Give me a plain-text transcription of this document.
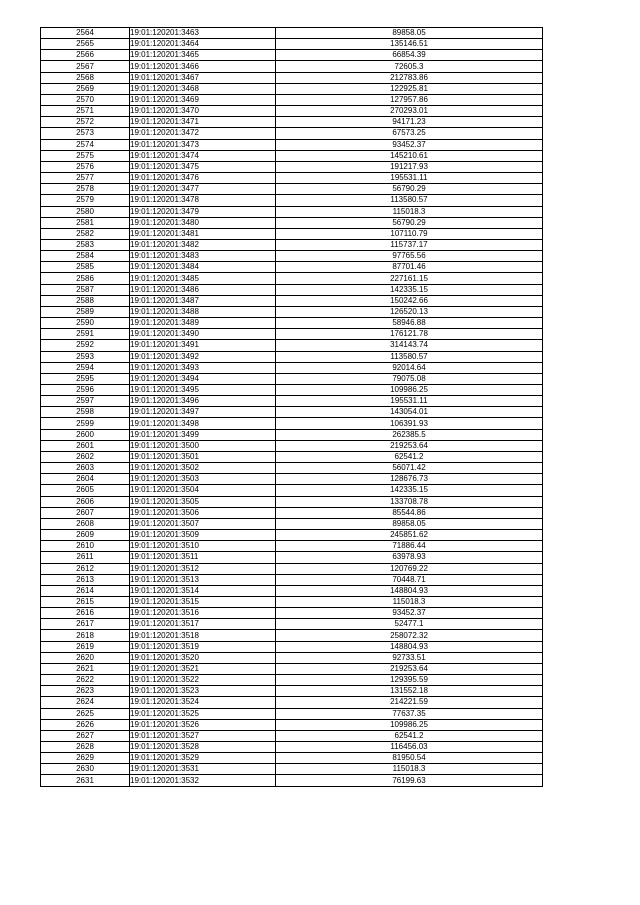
2564	19:01:120201:3463	89858.05
2565	19:01:120201:3464	135146.51
2566	19:01:120201:3465	66854.39
2567	19:01:120201:3466	72605.3
2568	19:01:120201:3467	212783.86
2569	19:01:120201:3468	122925.81
2570	19:01:120201:3469	127957.86
2571	19:01:120201:3470	270293.01
2572	19:01:120201:3471	94171.23
2573	19:01:120201:3472	67573.25
2574	19:01:120201:3473	93452.37
2575	19:01:120201:3474	145210.61
2576	19:01:120201:3475	191217.93
2577	19:01:120201:3476	195531.11
2578	19:01:120201:3477	56790.29
2579	19:01:120201:3478	113580.57
2580	19:01:120201:3479	115018.3
2581	19:01:120201:3480	56790.29
2582	19:01:120201:3481	107110.79
2583	19:01:120201:3482	115737.17
2584	19:01:120201:3483	97765.56
2585	19:01:120201:3484	87701.46
2586	19:01:120201:3485	227161.15
2587	19:01:120201:3486	142335.15
2588	19:01:120201:3487	150242.66
2589	19:01:120201:3488	126520.13
2590	19:01:120201:3489	58946.88
2591	19:01:120201:3490	176121.78
2592	19:01:120201:3491	314143.74
2593	19:01:120201:3492	113580.57
2594	19:01:120201:3493	92014.64
2595	19:01:120201:3494	79075.08
2596	19:01:120201:3495	109986.25
2597	19:01:120201:3496	195531.11
2598	19:01:120201:3497	143054.01
2599	19:01:120201:3498	106391.93
2600	19:01:120201:3499	262385.5
2601	19:01:120201:3500	219253.64
2602	19:01:120201:3501	62541.2
2603	19:01:120201:3502	56071.42
2604	19:01:120201:3503	128676.73
2605	19:01:120201:3504	142335.15
2606	19:01:120201:3505	133708.78
2607	19:01:120201:3506	85544.86
2608	19:01:120201:3507	89858.05
2609	19:01:120201:3509	245851.62
2610	19:01:120201:3510	71886.44
2611	19:01:120201:3511	63978.93
2612	19:01:120201:3512	120769.22
2613	19:01:120201:3513	70448.71
2614	19:01:120201:3514	148804.93
2615	19:01:120201:3515	115018.3
2616	19:01:120201:3516	93452.37
2617	19:01:120201:3517	52477.1
2618	19:01:120201:3518	258072.32
2619	19:01:120201:3519	148804.93
2620	19:01:120201:3520	92733.51
2621	19:01:120201:3521	219253.64
2622	19:01:120201:3522	129395.59
2623	19:01:120201:3523	131552.18
2624	19:01:120201:3524	214221.59
2625	19:01:120201:3525	77637.35
2626	19:01:120201:3526	109986.25
2627	19:01:120201:3527	62541.2
2628	19:01:120201:3528	116456.03
2629	19:01:120201:3529	81950.54
2630	19:01:120201:3531	115018.3
2631	19:01:120201:3532	76199.63
